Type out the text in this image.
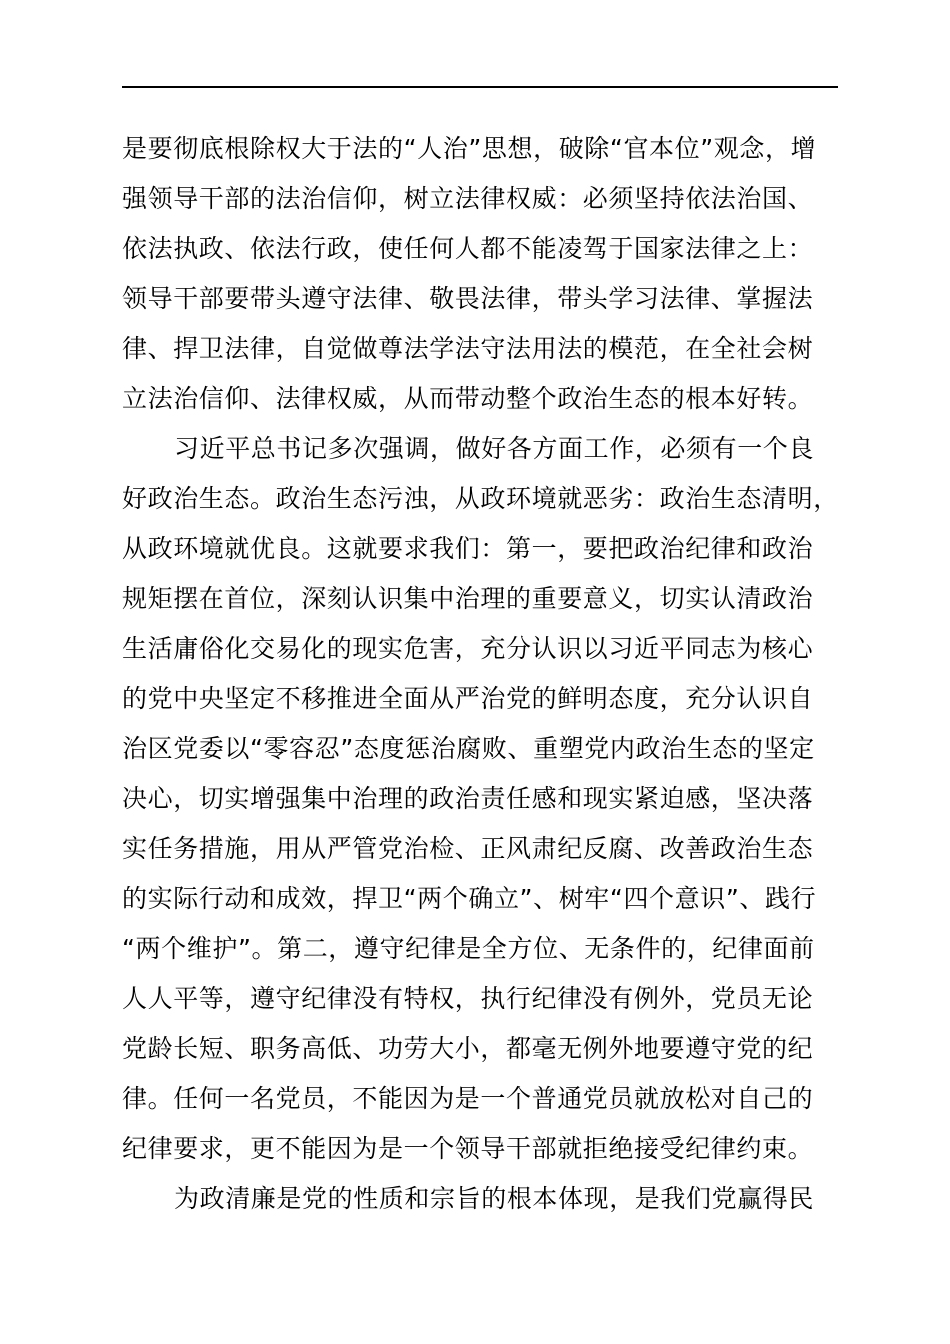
是要彻底根除权大于法的“人治”思想，破除“官本位”观念，增
强领导干部的法治信仰，树立法律权威：必须坚持依法治国、
依法执政、依法行政，使任何人都不能凌驾于国家法律之上：
领导干部要带头遵守法律、敬畏法律，带头学习法律、掌握法
律、捍卫法律，自觉做尊法学法守法用法的模范，在全社会树
立法治信仰、法律权威，从而带动整个政治生态的根本好转。
习近平总书记多次强调，做好各方面工作，必须有一个良
好政治生态。政治生态污浊，从政环境就恶劣：政治生态清明，
从政环境就优良。这就要求我们：第一，要把政治纪律和政治
规矩摆在首位，深刻认识集中治理的重要意义，切实认清政治
生活庸俗化交易化的现实危害，充分认识以习近平同志为核心
的党中央坚定不移推进全面从严治党的鲜明态度，充分认识自
治区党委以“零容忍”态度惩治腐败、重塑党内政治生态的坚定
决心，切实增强集中治理的政治责任感和现实紧迫感，坚决落
实任务措施，用从严管党治检、正风肃纪反腐、改善政治生态
的实际行动和成效，捍卫“两个确立”、树牢“四个意识”、践行
“两个维护”。第二，遵守纪律是全方位、无条件的，纪律面前
人人平等，遵守纪律没有特权，执行纪律没有例外，党员无论
党龄长短、职务高低、功劳大小，都毫无例外地要遵守党的纪
律。任何一名党员，不能因为是一个普通党员就放松对自己的
纪律要求，更不能因为是一个领导干部就拒绝接受纪律约束。
为政清廉是党的性质和宗旨的根本体现，是我们党赢得民
